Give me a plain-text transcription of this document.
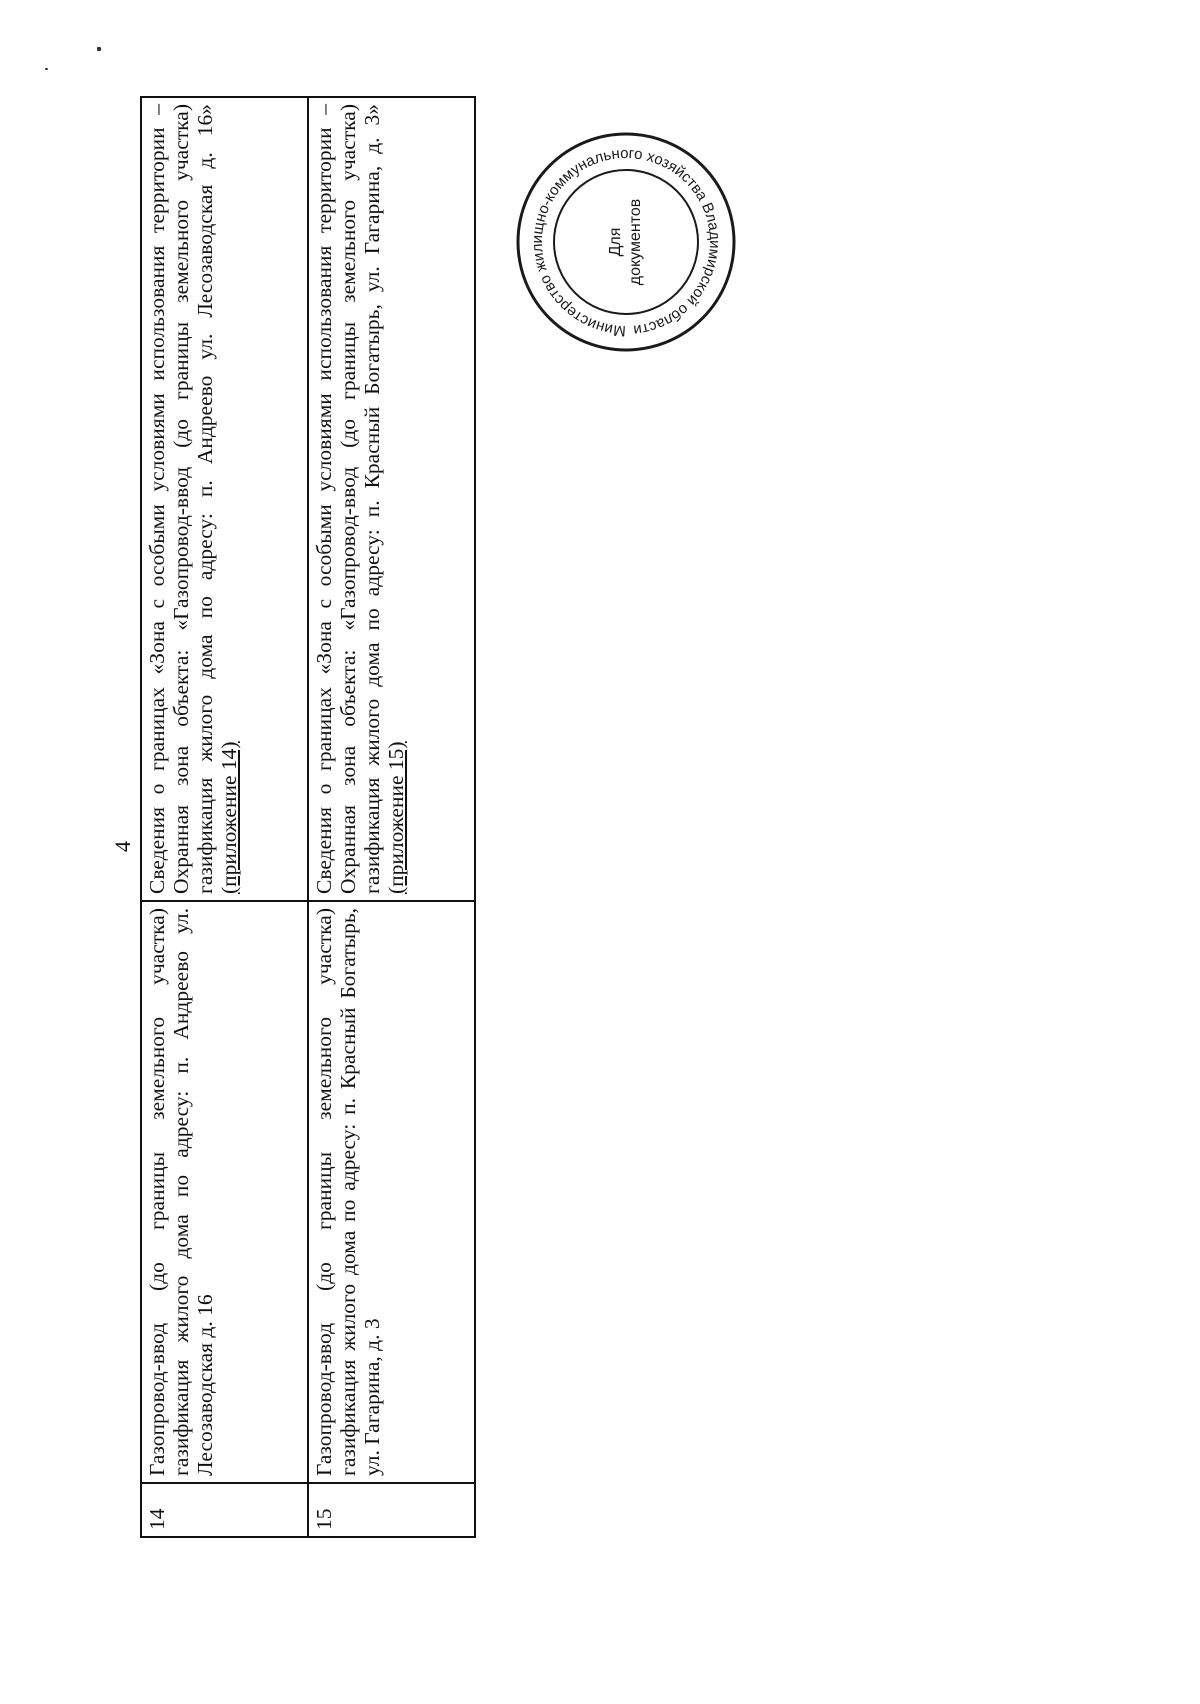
4
14	Газопровод-ввод (до границы земельного участка) газификация жилого дома по адресу: п. Андреево ул. Лесозаводская д. 16	Сведения о границах «Зона с особыми условиями использования территории – Охранная зона объекта: «Газопровод-ввод (до границы земельного участка) газификация жилого дома по адресу: п. Андреево ул. Лесозаводская д. 16» (приложение 14)
15	Газопровод-ввод (до границы земельного участка) газификация жилого дома по адресу: п. Красный Богатырь, ул. Гагарина, д. 3	Сведения о границах «Зона с особыми условиями использования территории – Охранная зона объекта: «Газопровод-ввод (до границы земельного участка) газификация жилого дома по адресу: п. Красный Богатырь, ул. Гагарина, д. 3» (приложение 15)
Министерство жилищно-коммунального хозяйства Владимирской области
Для документов
